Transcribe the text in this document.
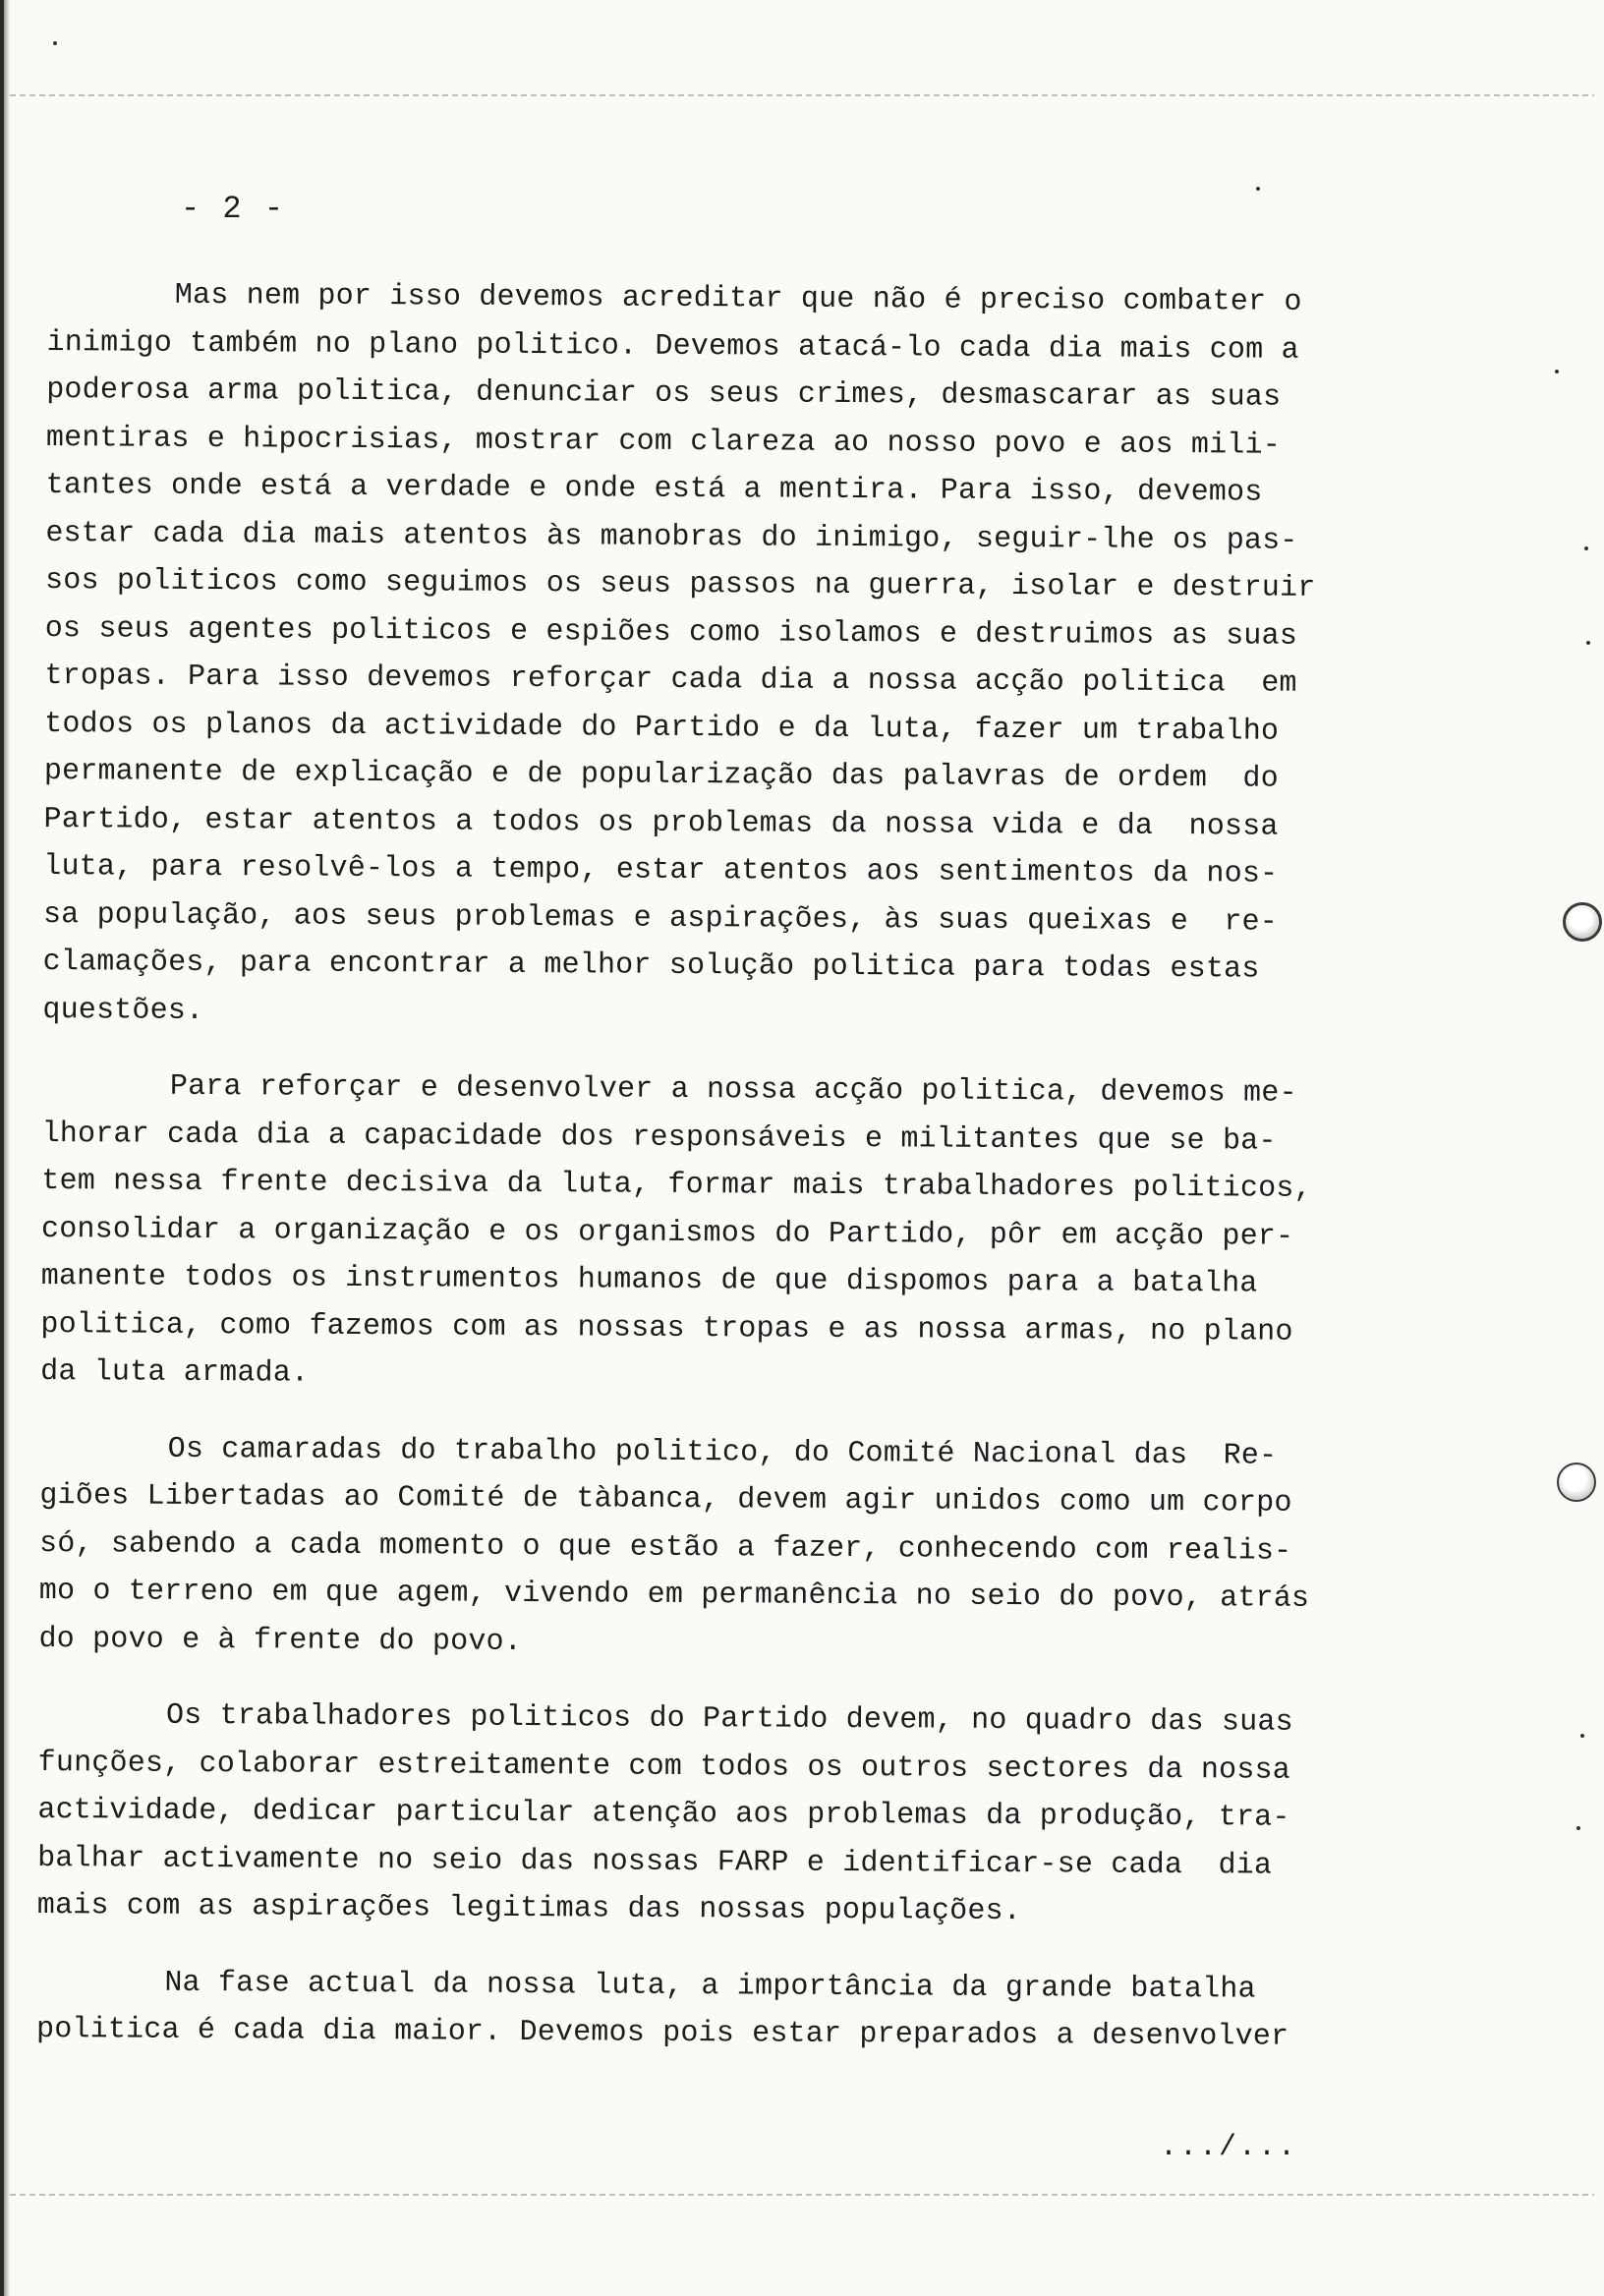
- 2 -
Mas nem por isso devemos acreditar que não é preciso combater o
inimigo também no plano politico. Devemos atacá-lo cada dia mais com a
poderosa arma politica, denunciar os seus crimes, desmascarar as suas
mentiras e hipocrisias, mostrar com clareza ao nosso povo e aos mili-
tantes onde está a verdade e onde está a mentira. Para isso, devemos
estar cada dia mais atentos às manobras do inimigo, seguir-lhe os pas-
sos politicos como seguimos os seus passos na guerra, isolar e destruir
os seus agentes politicos e espiões como isolamos e destruimos as suas
tropas. Para isso devemos reforçar cada dia a nossa acção politica  em
todos os planos da actividade do Partido e da luta, fazer um trabalho
permanente de explicação e de popularização das palavras de ordem  do
Partido, estar atentos a todos os problemas da nossa vida e da  nossa
luta, para resolvê-los a tempo, estar atentos aos sentimentos da nos-
sa população, aos seus problemas e aspirações, às suas queixas e  re-
clamações, para encontrar a melhor solução politica para todas estas
questões.
Para reforçar e desenvolver a nossa acção politica, devemos me-
lhorar cada dia a capacidade dos responsáveis e militantes que se ba-
tem nessa frente decisiva da luta, formar mais trabalhadores politicos,
consolidar a organização e os organismos do Partido, pôr em acção per-
manente todos os instrumentos humanos de que dispomos para a batalha
politica, como fazemos com as nossas tropas e as nossa armas, no plano
da luta armada.
Os camaradas do trabalho politico, do Comité Nacional das  Re-
giões Libertadas ao Comité de tàbanca, devem agir unidos como um corpo
só, sabendo a cada momento o que estão a fazer, conhecendo com realis-
mo o terreno em que agem, vivendo em permanência no seio do povo, atrás
do povo e à frente do povo.
Os trabalhadores politicos do Partido devem, no quadro das suas
funções, colaborar estreitamente com todos os outros sectores da nossa
actividade, dedicar particular atenção aos problemas da produção, tra-
balhar activamente no seio das nossas FARP e identificar-se cada  dia
mais com as aspirações legitimas das nossas populações.
Na fase actual da nossa luta, a importância da grande batalha
politica é cada dia maior. Devemos pois estar preparados a desenvolver
.../...
